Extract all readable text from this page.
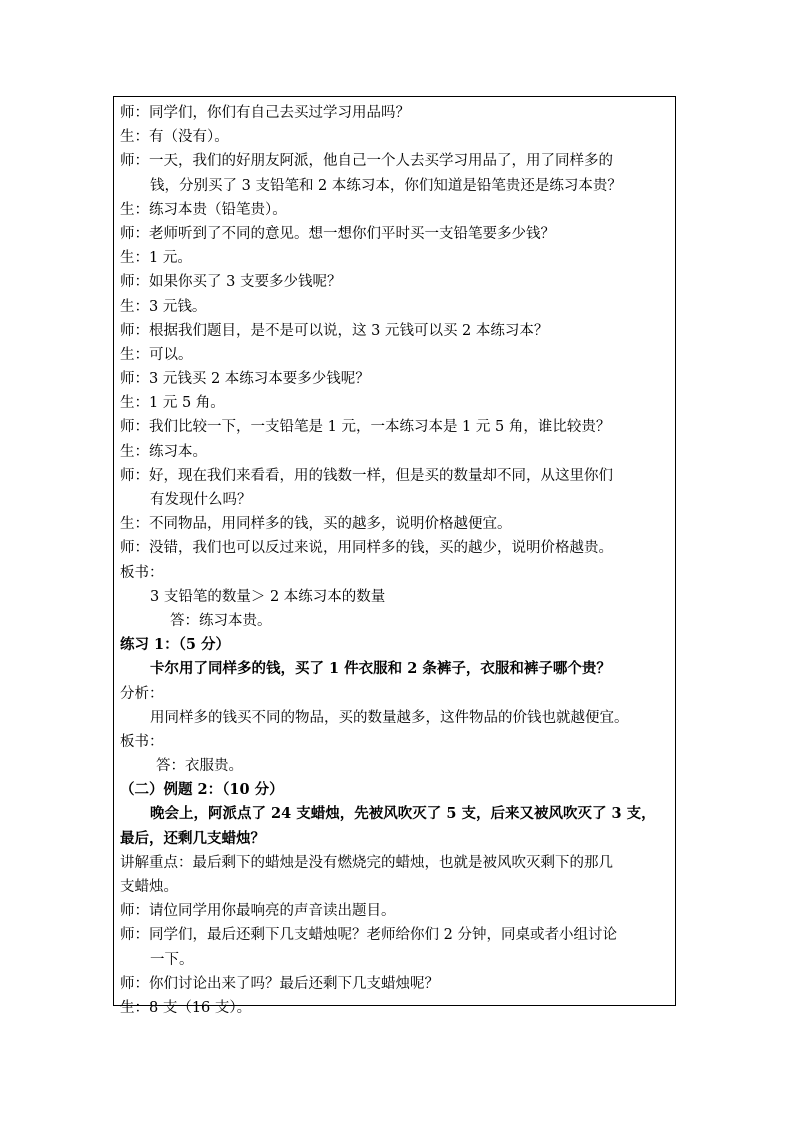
师：同学们，你们有自己去买过学习用品吗？
生：有（没有）。
师：一天，我们的好朋友阿派，他自己一个人去买学习用品了，用了同样多的
钱，分别买了 3 支铅笔和 2 本练习本，你们知道是铅笔贵还是练习本贵？
生：练习本贵（铅笔贵）。
师：老师听到了不同的意见。想一想你们平时买一支铅笔要多少钱？
生：1 元。
师：如果你买了 3 支要多少钱呢？
生：3 元钱。
师：根据我们题目，是不是可以说，这 3 元钱可以买 2 本练习本？
生：可以。
师：3 元钱买 2 本练习本要多少钱呢？
生：1 元 5 角。
师：我们比较一下，一支铅笔是 1 元，一本练习本是 1 元 5 角，谁比较贵？
生：练习本。
师：好，现在我们来看看，用的钱数一样，但是买的数量却不同，从这里你们
有发现什么吗？
生：不同物品，用同样多的钱，买的越多，说明价格越便宜。
师：没错，我们也可以反过来说，用同样多的钱，买的越少，说明价格越贵。
板书：
3 支铅笔的数量＞ 2 本练习本的数量
答：练习本贵。
练习 1：（5 分）
卡尔用了同样多的钱，买了 1 件衣服和 2 条裤子，衣服和裤子哪个贵？
分析：
用同样多的钱买不同的物品，买的数量越多，这件物品的价钱也就越便宜。
板书：
答：衣服贵。
（二）例题 2：（10 分）
晚会上，阿派点了 24 支蜡烛，先被风吹灭了 5 支，后来又被风吹灭了 3 支，
最后，还剩几支蜡烛？
讲解重点：最后剩下的蜡烛是没有燃烧完的蜡烛，也就是被风吹灭剩下的那几
支蜡烛。
师：请位同学用你最响亮的声音读出题目。
师：同学们，最后还剩下几支蜡烛呢？老师给你们 2 分钟，同桌或者小组讨论
一下。
师：你们讨论出来了吗？最后还剩下几支蜡烛呢？
生：8 支（16 支）。
